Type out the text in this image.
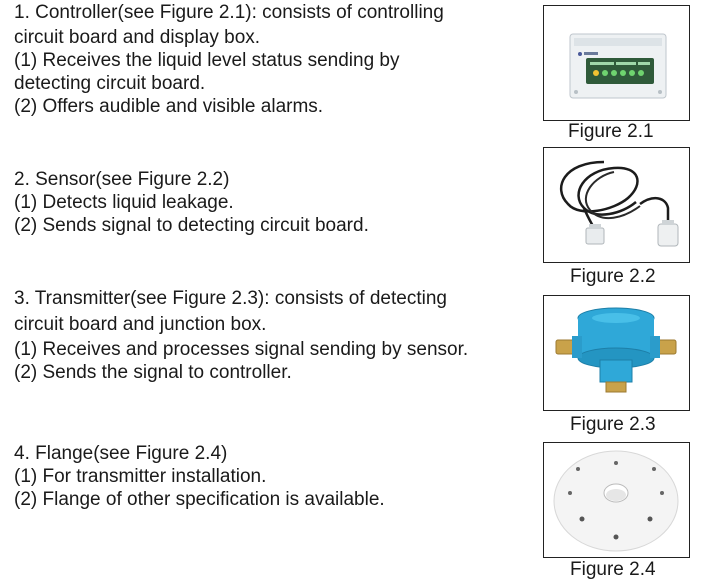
1. Controller(see Figure 2.1): consists of controlling
circuit board and display box.
(1) Receives the liquid level status sending by
detecting circuit board.
(2) Offers audible and visible alarms.
2. Sensor(see Figure 2.2)
(1) Detects liquid leakage.
(2) Sends signal to detecting circuit board.
3. Transmitter(see Figure 2.3): consists of detecting
circuit board and junction box.
(1) Receives and processes signal sending by sensor.
(2) Sends the signal to controller.
4. Flange(see Figure 2.4)
(1) For transmitter installation.
(2) Flange of other specification is available.
Figure 2.1
Figure 2.2
Figure 2.3
Figure 2.4
